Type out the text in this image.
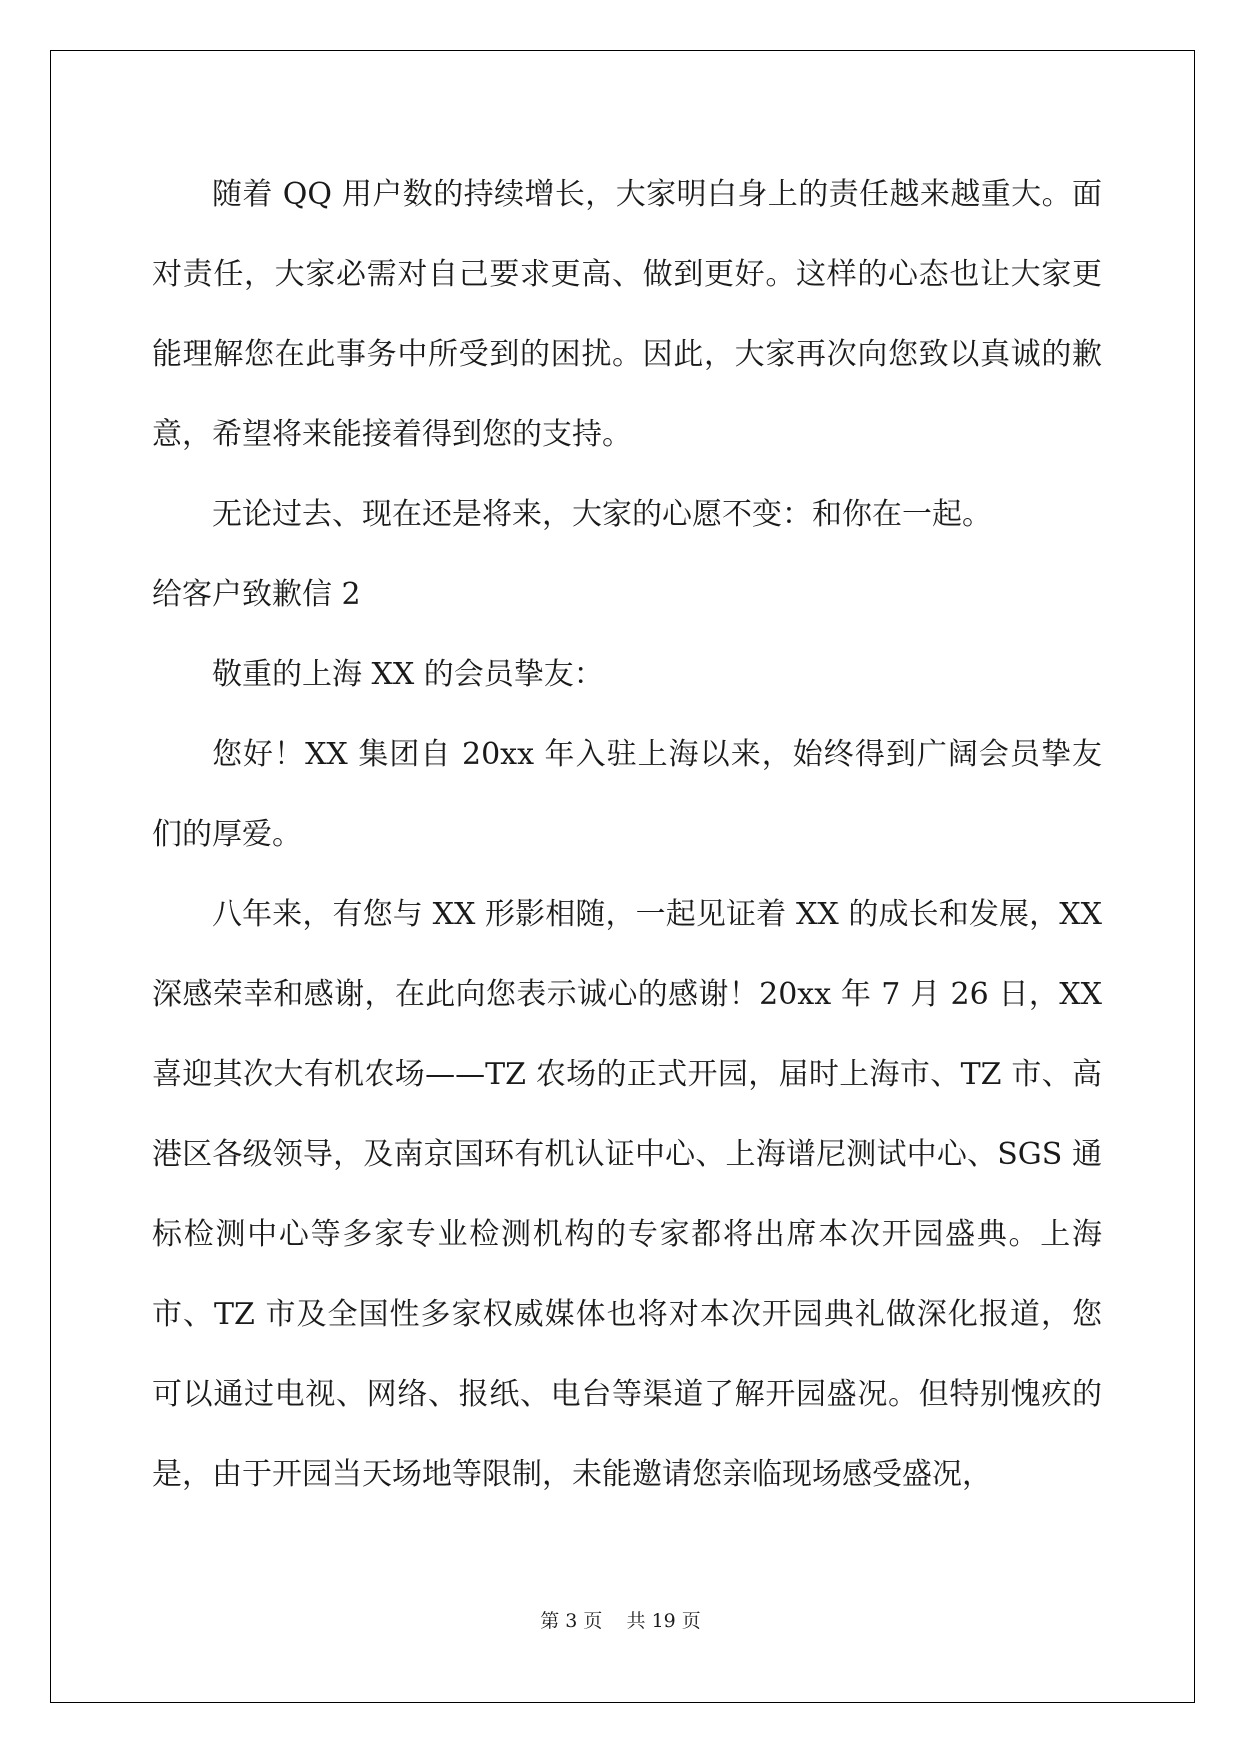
随着 QQ 用户数的持续增长，大家明白身上的责任越来越重大。面对责任，大家必需对自己要求更高、做到更好。这样的心态也让大家更能理解您在此事务中所受到的困扰。因此，大家再次向您致以真诚的歉意，希望将来能接着得到您的支持。

无论过去、现在还是将来，大家的心愿不变：和你在一起。

给客户致歉信 2

敬重的上海 XX 的会员挚友：

您好！XX 集团自 20xx 年入驻上海以来，始终得到广阔会员挚友们的厚爱。

八年来，有您与 XX 形影相随，一起见证着 XX 的成长和发展，XX 深感荣幸和感谢，在此向您表示诚心的感谢！20xx 年 7 月 26 日，XX 喜迎其次大有机农场——TZ 农场的正式开园，届时上海市、TZ 市、高港区各级领导，及南京国环有机认证中心、上海谱尼测试中心、SGS 通标检测中心等多家专业检测机构的专家都将出席本次开园盛典。上海市、TZ 市及全国性多家权威媒体也将对本次开园典礼做深化报道，您可以通过电视、网络、报纸、电台等渠道了解开园盛况。但特别愧疚的是，由于开园当天场地等限制，未能邀请您亲临现场感受盛况，

第 3 页 共 19 页
